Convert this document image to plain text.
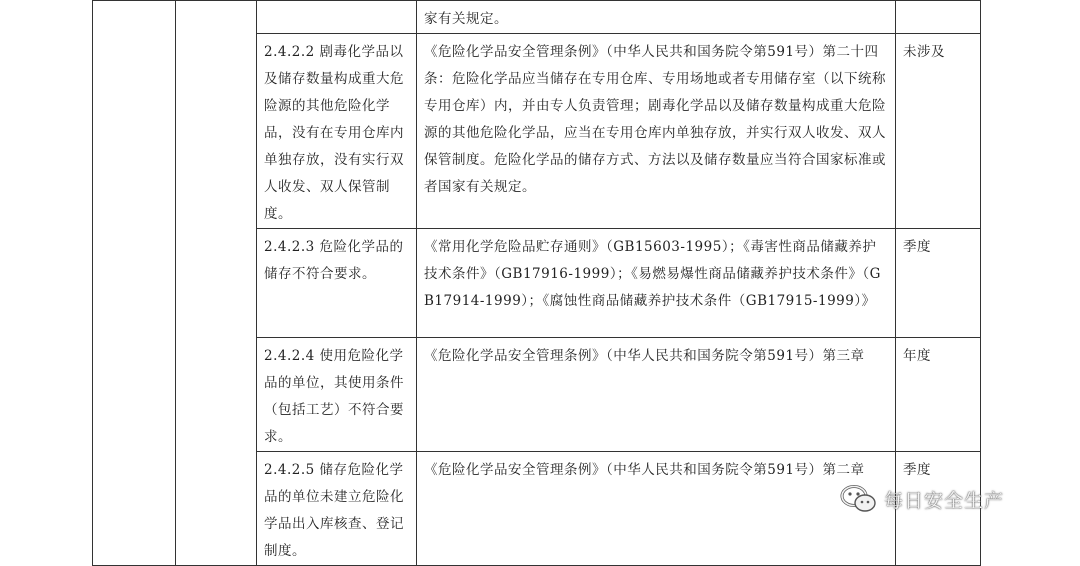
			家有关规定。	

		2.4.2.2 剧毒化学品以及储存数量构成重大危险源的其他危险化学品，没有在专用仓库内单独存放，没有实行双人收发、双人保管制度。	《危险化学品安全管理条例》（中华人民共和国务院令第591号）第二十四条：危险化学品应当储存在专用仓库、专用场地或者专用储存室（以下统称专用仓库）内，并由专人负责管理；剧毒化学品以及储存数量构成重大危险源的其他危险化学品，应当在专用仓库内单独存放，并实行双人收发、双人保管制度。危险化学品的储存方式、方法以及储存数量应当符合国家标准或者国家有关规定。	未涉及

		2.4.2.3 危险化学品的储存不符合要求。	《常用化学危险品贮存通则》（GB15603-1995）；《毒害性商品储藏养护技术条件》（GB17916-1999）；《易燃易爆性商品储藏养护技术条件》（GB17914-1999）；《腐蚀性商品储藏养护技术条件（GB17915-1999）》	季度

		2.4.2.4 使用危险化学品的单位，其使用条件（包括工艺）不符合要求。	《危险化学品安全管理条例》（中华人民共和国务院令第591号）第三章	年度

		2.4.2.5 储存危险化学品的单位未建立危险化学品出入库核查、登记制度。	《危险化学品安全管理条例》（中华人民共和国务院令第591号）第二章	季度
每日安全生产
